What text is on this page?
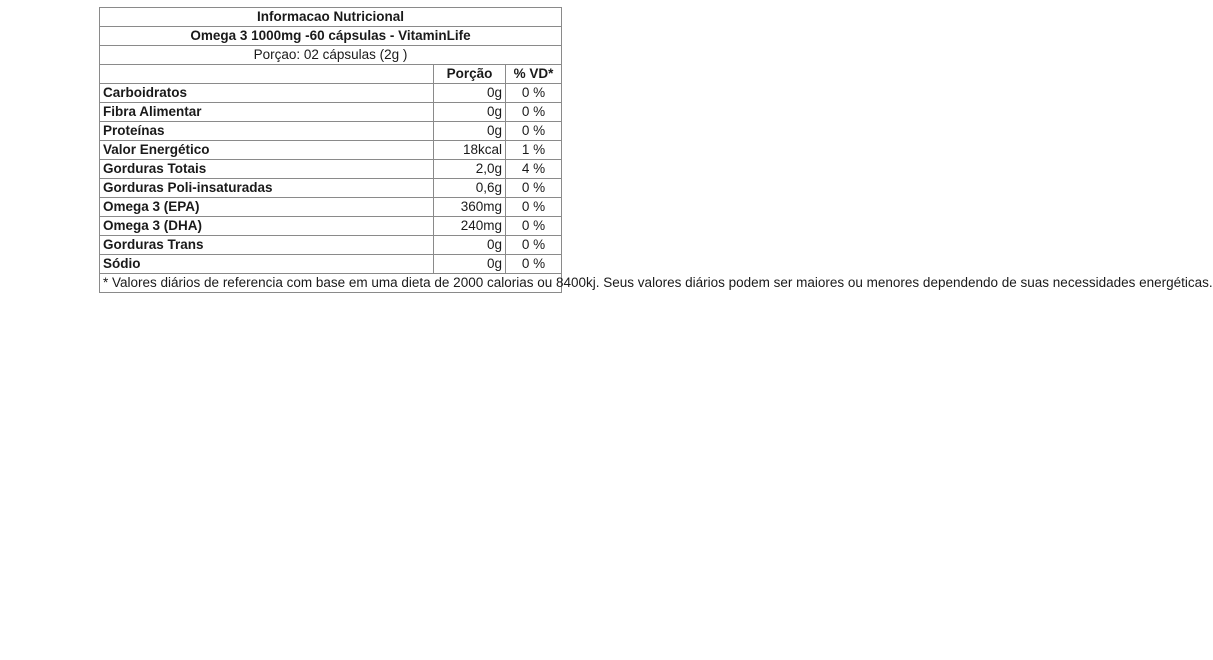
Informacao Nutricional		
Omega 3 1000mg -60 cápsulas - VitaminLife		
Porçao: 02 cápsulas (2g )		
	Porção	% VD*
Carboidratos	0g	0 %
Fibra Alimentar	0g	0 %
Proteínas	0g	0 %
Valor Energético	18kcal	1 %
Gorduras Totais	2,0g	4 %
Gorduras Poli-insaturadas	0,6g	0 %
Omega 3 (EPA)	360mg	0 %
Omega 3 (DHA)	240mg	0 %
Gorduras Trans	0g	0 %
Sódio	0g	0 %
* Valores diários de referencia com base em uma dieta de 2000 calorias ou 8400kj. Seus valores diários podem ser maiores ou menores dependendo de suas necessidades energéticas.		
